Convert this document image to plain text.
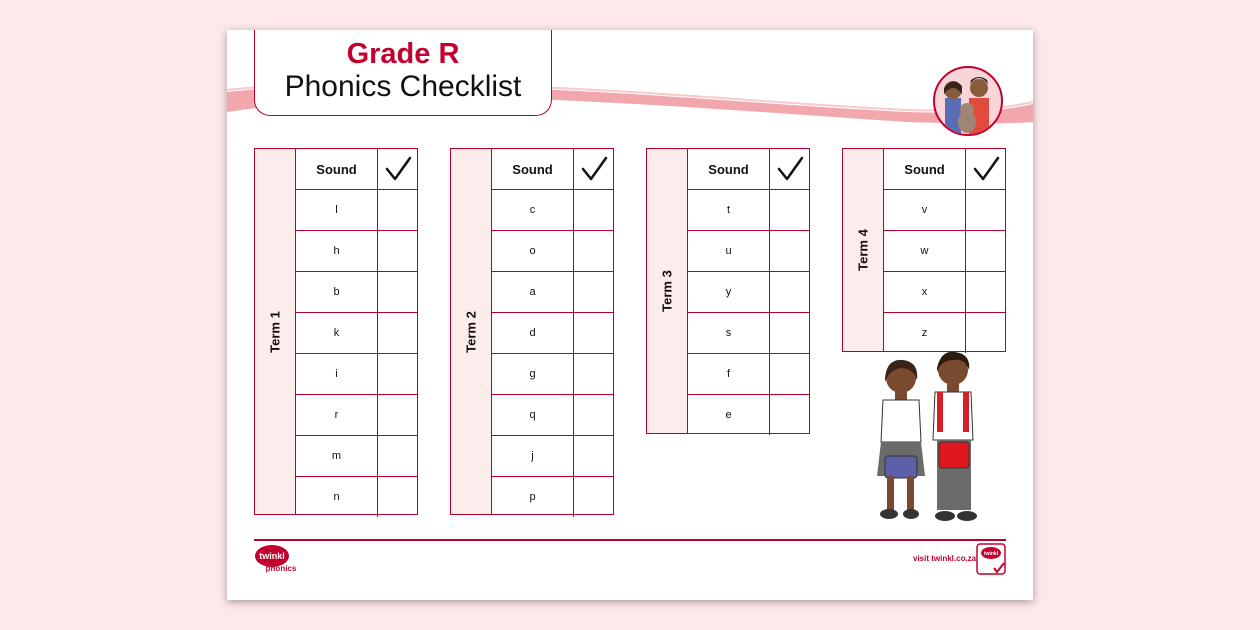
Grade R
Phonics Checklist
Term 1
Sound
l
h
b
k
i
r
m
n
Term 2
Sound
c
o
a
d
g
q
j
p
Term 3
Sound
t
u
y
s
f
e
Term 4
Sound
v
w
x
z
twinkl
phonics
visit twinkl.co.za twinkl
